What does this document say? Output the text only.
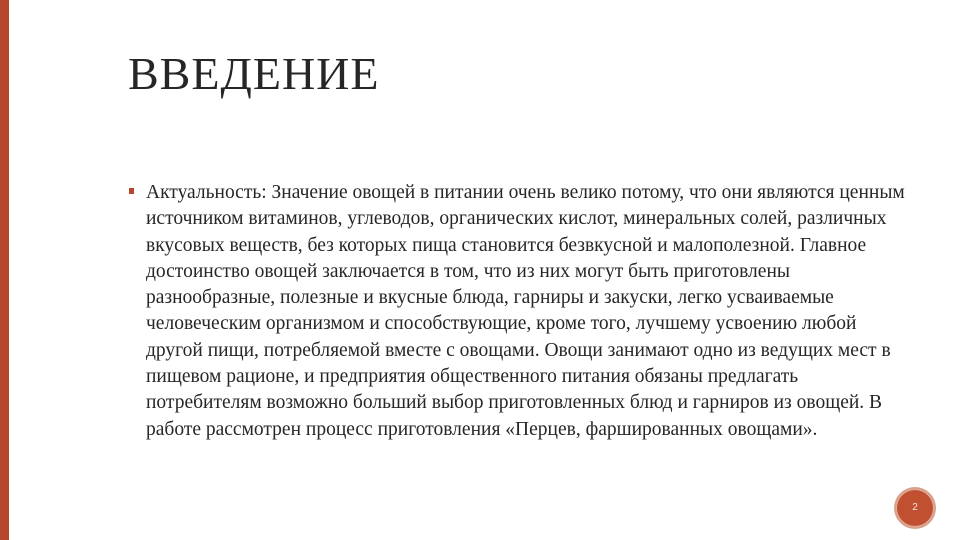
ВВЕДЕНИЕ
Актуальность: Значение овощей в питании очень велико потому, что они являются ценным источником витаминов, углеводов, органических кислот, минеральных солей, различных вкусовых веществ, без которых пища становится безвкусной и малополезной. Главное достоинство овощей заключается в том, что из них могут быть приготовлены разнообразные, полезные и вкусные блюда, гарниры и закуски, легко усваиваемые человеческим организмом и способствующие, кроме того, лучшему усвоению любой другой пищи, потребляемой вместе с овощами. Овощи занимают одно из ведущих мест в пищевом рационе, и предприятия общественного питания обязаны предлагать потребителям возможно больший выбор приготовленных блюд и гарниров из овощей. В работе рассмотрен процесс приготовления «Перцев, фаршированных овощами».
2
